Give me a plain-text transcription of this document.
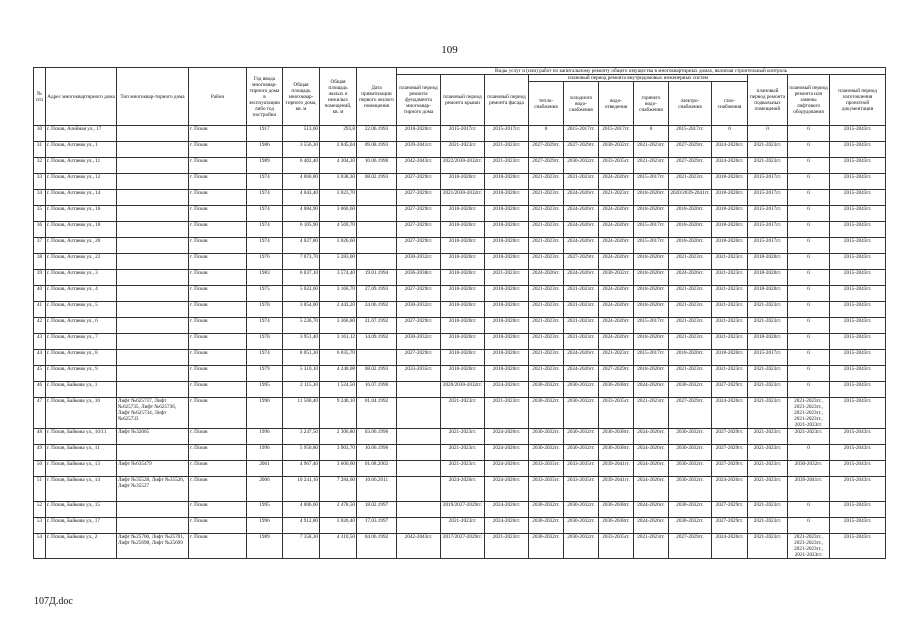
109
№ п/п	Адрес многоквартирного дома	Тип многоквар-тирного дома	Район	Год ввода многоквар-тирного дома в эксплуатацию либо год постройки	Общая площадь многоквар-тирного дома, кв. м	Общая площадь жилых и нежилых помещений, кв. м	Дата приватизации первого жилого помещения	Виды услуг и (или) работ по капитальному ремонту общего имущества в многоквартирных домах, включая строительный контроль											
								плановый период ремонта фундамента многоквар-тирного дома	плановый период ремонта крыши	плановый период ремонта фасада	плановый период ремонта внутридомовых инженерных систем						плановый период ремонта подвальных помещений	плановый период ремонта или замены лифтового оборудования	плановый период изготовления проектной документации
											тепло-снабжения	холодного водо-снабжения	водо-отведения	горячего водо-снабжения	электро-снабжения	газо-снабжения			
30	г. Псков, Алейная ул., 17		г. Псков	1917	513,60	293,8	22.06.1993	2018-2020гг.	2015-2017гг.	2015-2017гг.	0	2015-2017гг.	2015-2017гг.	0	2015-2017гг.	0	0	0	2015-2043гг.
31	г. Псков, Алтаева ул., 1		г. Псков	1986	3 556,30	2 845,04	09.08.1993	2039-2041гг.	2021-2023гг.	2021-2023гг.	2027-2029гг.	2027-2029гг.	2030-2032гг.	2021-2023гг.	2027-2029гг.	2024-2026гг.	2021-2023гг.	0	2015-2043гг.
32	г. Псков, Алтаева ул., 11		г. Псков	1989	6 402,40	4 304,20	10.06.1996	2042-2043гг.	2022/2030-2032гг.	2021-2023гг.	2027-2029гг.	2030-2032гг.	2033-2035гг.	2021-2023гг.	2027-2029гг.	2024-2026гг.	2021-2023гг.	0	2015-2043гг.
33	г. Псков, Алтаева ул., 12		г. Псков	1974	4 060,80	3 038,30	08.02.1993	2027-2029гг.	2018-2020гг.	2018-2020гг.	2021-2023гг.	2021-2023гг.	2024-2026гг.	2015-2017гг.	2021-2023гг.	2018-2020гг.	2015-2017гг.	0	2015-2043гг.
34	г. Псков, Алтаева ул., 14		г. Псков	1974	4 043,40	3 023,70		2027-2029гг.	2021/2030-2032гг.	2018-2020гг.	2021-2023гг.	2024-2026гг.	2021-2023гг.	2018-2020гг.	2020/2039-2041гг.	2018-2020гг.	2015-2017гг.	0	2015-2043гг.
35	г. Псков, Алтаева ул., 16		г. Псков	1974	4 084,90	3 060,60		2027-2029гг.	2018-2020гг.	2018-2020гг.	2021-2023гг.	2024-2026гг.	2024-2026гг.	2018-2020гг.	2018-2020гг.	2018-2020гг.	2015-2017гг.	0	2015-2043гг.
36	г. Псков, Алтаева ул., 18		г. Псков	1974	6 105,90	4 569,70		2027-2029гг.	2018-2020гг.	2018-2020гг.	2021-2023гг.	2024-2026гг.	2024-2026гг.	2015-2017гг.	2018-2020гг.	2018-2020гг.	2015-2017гг.	0	2015-2043гг.
37	г. Псков, Алтаева ул., 20		г. Псков	1974	4 027,80	3 026,60		2027-2029гг.	2018-2020гг.	2018-2020гг.	2021-2023гг.	2024-2026гг.	2024-2026гг.	2015-2017гг.	2018-2020гг.	2018-2020гг.	2015-2017гг.	0	2015-2043гг.
38	г. Псков, Алтаева ул., 22		г. Псков	1976	7 073,70	5 283,00		2030-2032гг.	2018-2020гг.	2018-2020гг.	2021-2023гг.	2027-2029гг.	2024-2026гг.	2018-2020гг.	2021-2023гг.	2021-2023гг.	2018-2020гг.	0	2015-2043гг.
39	г. Псков, Алтаева ул., 3		г. Псков	1983	6 037,10	3 574,40	19.01.1994	2036-2038гг.	2018-2020гг.	2021-2023гг.	2024-2026гг.	2024-2026гг.	2030-2032гг.	2018-2020гг.	2024-2026гг.	2021-2023гг.	2018-2020гг.	0	2015-2043гг.
40	г. Псков, Алтаева ул., 4		г. Псков	1975	5 022,60	3 166,70	27.09.1993	2027-2029гг.	2018-2020гг.	2018-2020гг.	2021-2023гг.	2021-2023гг.	2024-2026гг.	2018-2020гг.	2021-2023гг.	2021-2023гг.	2018-2020гг.	0	2015-2043гг.
41	г. Псков, Алтаева ул., 5		г. Псков	1978	3 054,00	2 443,20	24.06.1992	2030-2032гг.	2018-2020гг.	2018-2020гг.	2021-2023гг.	2021-2023гг.	2024-2026гг.	2018-2020гг.	2021-2023гг.	2021-2023гг.	2021-2023гг.	0	2015-2043гг.
42	г. Псков, Алтаева ул., 6		г. Псков	1974	5 236,70	3 360,80	21.07.1992	2027-2029гг.	2018-2020гг.	2018-2020гг.	2021-2023гг.	2021-2023гг.	2024-2026гг.	2015-2017гг.	2021-2023гг.	2021-2023гг.	2021-2023гг.	0	2015-2043гг.
43	г. Псков, Алтаева ул., 7		г. Псков	1978	3 951,40	3 161,12	14.09.1992	2030-2032гг.	2018-2020гг.	2018-2020гг.	2021-2023гг.	2021-2023гг.	2024-2026гг.	2018-2020гг.	2021-2023гг.	2021-2023гг.	2018-2020гг.	0	2015-2043гг.
44	г. Псков, Алтаева ул., 8		г. Псков	1974	8 051,30	6 035,70		2027-2029гг.	2018-2020гг.	2018-2020гг.	2021-2023гг.	2024-2026гг.	2021-2023гг.	2015-2017гг.	2018-2020гг.	2018-2020гг.	2015-2017гг.	0	2015-2043гг.
45	г. Псков, Алтаева ул., 9		г. Псков	1979	5 310,10	4 248,08	08.02.1993	2033-2035гг.	2018-2020гг.	2018-2020гг.	2021-2023гг.	2024-2026гг.	2027-2029гг.	2018-2020гг.	2021-2023гг.	2021-2023гг.	2021-2023гг.	0	2015-2043гг.
46	г. Псков, Байкова ул., 1		г. Псков	1995	2 115,30	1 524,50	16.07.1996		2020/2030-2032гг.	2024-2026гг.	2030-2032гг.	2030-2032гг.	2036-2038гг.	2024-2026гг.	2030-2032гг.	2027-2029гг.	2021-2023гг.	0	2015-2043гг.
47	г. Псков, Байкова ул., 10	Лифт №625737, Лифт №625735, Лифт №625736, Лифт №625734, Лифт №625733	г. Псков	1990	11 560,40	9 240,10	01.04.1992		2021-2023гг.	2021-2023гг.	2030-2032гг.	2030-2032гг.	2033-2035гг.	2021-2023гг.	2027-2029гг.	2024-2026гг.	2021-2023гг.	2021-2023гг., 2021-2023гг., 2021-2023гг., 2021-2023гг., 2021-2023гг.	2015-2043гг.
48	г. Псков, Байкова ул., 10/11	Лифт №32065	г. Псков	1996	3 247,50	2 306,80	03.06.1996		2021-2023гг.	2024-2026гг.	2030-2032гг.	2030-2032гг.	2036-2038гг.	2024-2026гг.	2030-2032гг.	2027-2029гг.	2021-2023гг.	2021-2023гг.	2015-2043гг.
49	г. Псков, Байкова ул., 11		г. Псков	1996	5 950,80	3 903,70	10.06.1996		2021-2023гг.	2024-2026гг.	2030-2032гг.	2030-2032гг.	2036-2038гг.	2024-2026гг.	2030-2032гг.	2027-2029гг.	2021-2023гг.	0	2015-2043гг.
50	г. Псков, Байкова ул., 13	Лифт №635479	г. Псков	2001	4 967,40	3 600,60	01.08.2002		2021-2023гг.	2024-2026гг.	2033-2035гг.	2033-2035гг.	2039-2041гг.	2024-2026гг.	2030-2032гг.	2027-2029гг.	2021-2023гг.	2030-2032гг.	2015-2043гг.
51	г. Псков, Байкова ул., 14	Лифт №35528, Лифт №35526, Лифт №35527	г. Псков	2006	10 241,10	7 284,60	10.06.2011		2024-2026гг.	2024-2026гг.	2033-2035гг.	2033-2035гг.	2039-2041гг.	2024-2026гг.	2030-2032гг.	2024-2026гг.	2021-2023гг.	2039-2041гг.	2015-2043гг.
52	г. Псков, Байкова ул., 15		г. Псков	1995	4 006,60	2 478,50	18.02.1997		2019/2027-2029гг.	2024-2026гг.	2030-2032гг.	2030-2032гг.	2036-2038гг.	2024-2026гг.	2030-2032гг.	2027-2029гг.	2021-2023гг.	0	2015-2043гг.
53	г. Псков, Байкова ул., 17		г. Псков	1996	4 912,80	3 026,40	17.03.1997		2021-2023гг.	2024-2026гг.	2030-2032гг.	2030-2032гг.	2036-2038гг.	2024-2026гг.	2030-2032гг.	2027-2029гг.	2021-2023гг.	0	2015-2043гг.
54	г. Псков, Байкова ул., 2	Лифт №25700, Лифт №25701, Лифт №25698, Лифт №25699	г. Псков	1989	7 358,30	4 310,50	04.06.1992	2042-2043гг.	2017/2027-2029гг.	2021-2023гг.	2030-2032гг.	2030-2032гг.	2033-2035гг.	2021-2023гг.	2027-2029гг.	2024-2026гг.	2021-2023гг.	2021-2023гг., 2021-2023гг., 2021-2023гг., 2021-2023гг.	2015-2043гг.
107Д.doc
